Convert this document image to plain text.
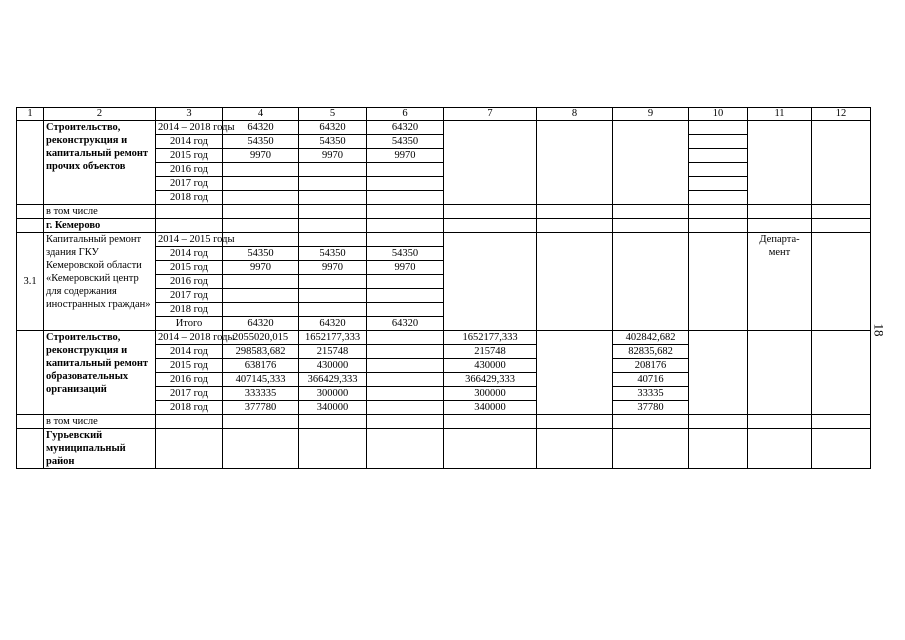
1	2	3	4	5	6	7	8	9	10	11	12
	Строительство, реконструкция и капитальный ремонт прочих объектов	2014 – 2018 годы	64320	64320	64320						
		2014 год	54350	54350	54350						
		2015 год	9970	9970	9970						
		2016 год									
		2017 год									
		2018 год									
	в том числе										
	г. Кемерово										
3.1	Капитальный ремонт здания ГКУ Кемеровской области «Кемеровский центр для содержания иностранных граждан»	2014 – 2015 годы								Департа-мент	
		2014 год	54350	54350	54350						
		2015 год	9970	9970	9970						
		2016 год									
		2017 год									
		2018 год									
		Итого	64320	64320	64320						
	Строительство, реконструкция и капитальный ремонт образовательных организаций	2014 – 2018 годы	2055020,015	1652177,333		1652177,333		402842,682			
		2014 год	298583,682	215748		215748		82835,682			
		2015 год	638176	430000		430000		208176			
		2016 год	407145,333	366429,333		366429,333		40716			
		2017 год	333335	300000		300000		33335			
		2018 год	377780	340000		340000		37780			
	в том числе										
	Гурьевский муниципальный район										
18
